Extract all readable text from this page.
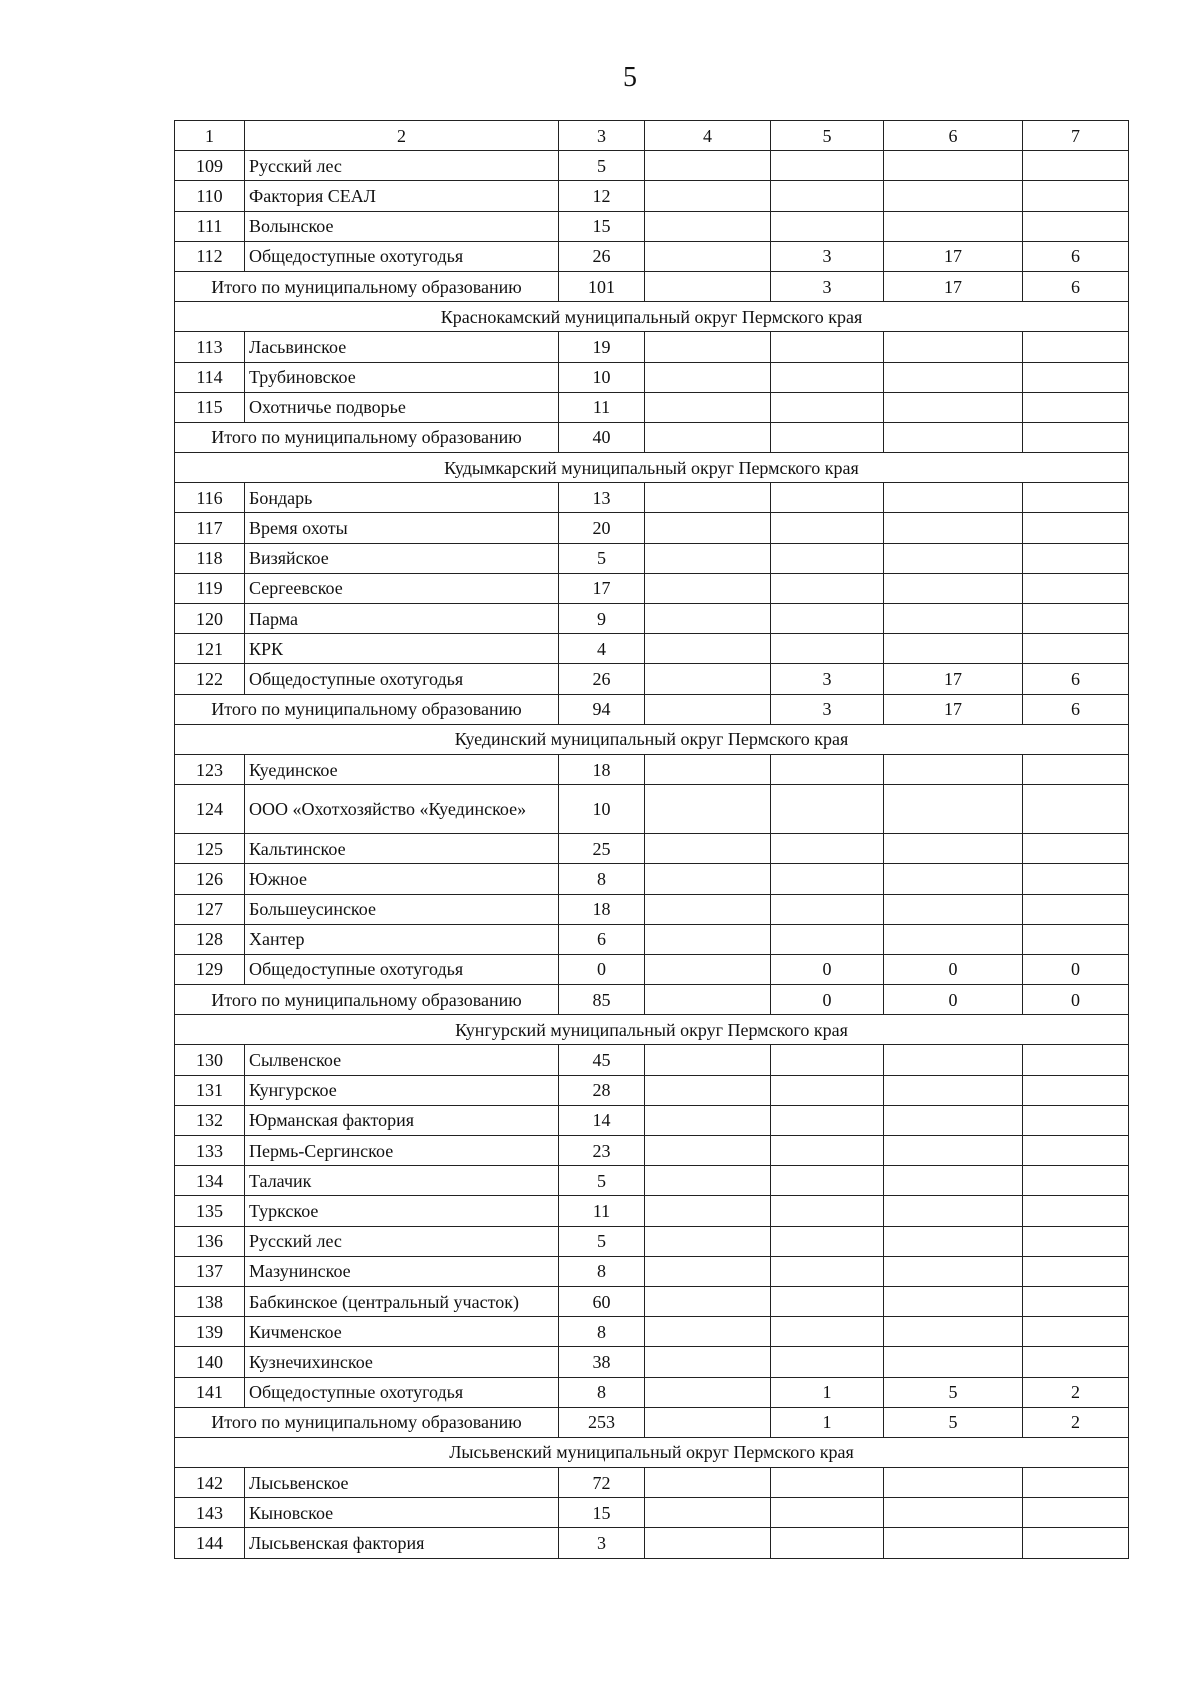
5
1	2	3	4	5	6	7
109	Русский лес	5				
110	Фактория СЕАЛ	12				
111	Волынское	15				
112	Общедоступные охотугодья	26		3	17	6
Итого по муниципальному образованию		101		3	17	6
Краснокамский муниципальный округ Пермского края						
113	Ласьвинское	19				
114	Трубиновское	10				
115	Охотничье подворье	11				
Итого по муниципальному образованию		40				
Кудымкарский муниципальный округ Пермского края						
116	Бондарь	13				
117	Время охоты	20				
118	Визяйское	5				
119	Сергеевское	17				
120	Парма	9				
121	КРК	4				
122	Общедоступные охотугодья	26		3	17	6
Итого по муниципальному образованию		94		3	17	6
Куединский муниципальный округ Пермского края						
123	Куединское	18				
124	ООО «Охотхозяйство «Куединское»	10				
125	Кальтинское	25				
126	Южное	8				
127	Большеусинское	18				
128	Хантер	6				
129	Общедоступные охотугодья	0		0	0	0
Итого по муниципальному образованию		85		0	0	0
Кунгурский муниципальный округ Пермского края						
130	Сылвенское	45				
131	Кунгурское	28				
132	Юрманская фактория	14				
133	Пермь-Сергинское	23				
134	Талачик	5				
135	Туркское	11				
136	Русский лес	5				
137	Мазунинское	8				
138	Бабкинское (центральный участок)	60				
139	Кичменское	8				
140	Кузнечихинское	38				
141	Общедоступные охотугодья	8		1	5	2
Итого по муниципальному образованию		253		1	5	2
Лысьвенский муниципальный округ Пермского края						
142	Лысьвенское	72				
143	Кыновское	15				
144	Лысьвенская фактория	3				
